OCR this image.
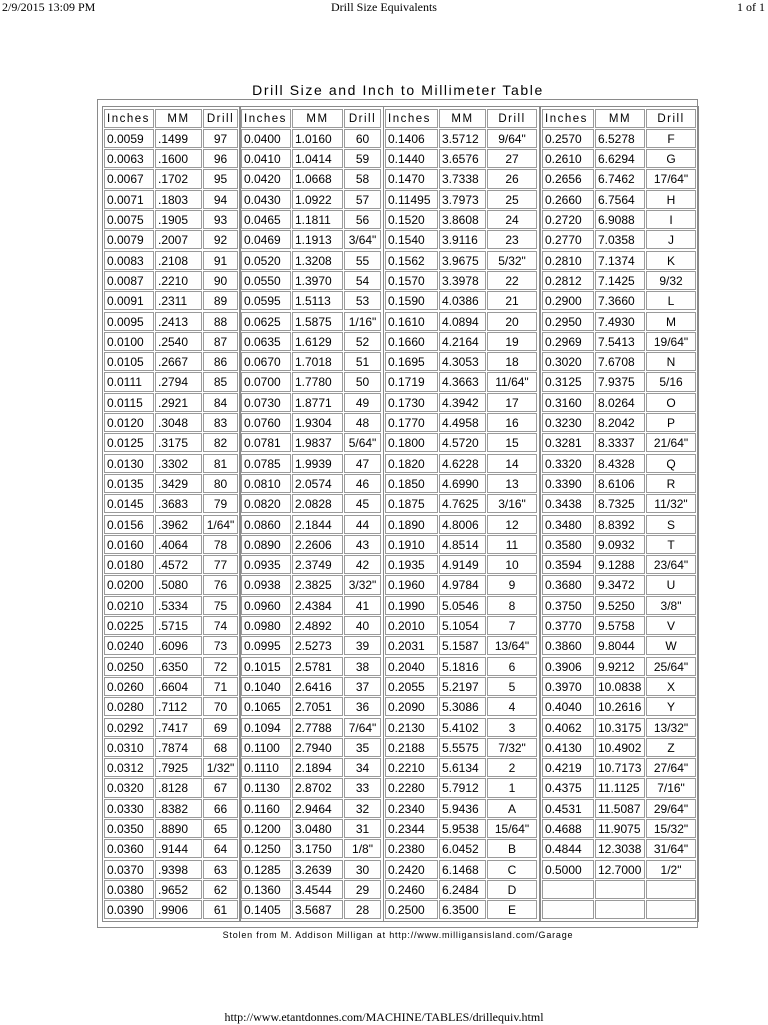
2/9/2015 13:09 PM	Drill Size Equivalents	1 of 1
Drill Size and Inch to Millimeter Table
Inches	MM	Drill
0.0059	.1499	97
0.0063	.1600	96
0.0067	.1702	95
0.0071	.1803	94
0.0075	.1905	93
0.0079	.2007	92
0.0083	.2108	91
0.0087	.2210	90
0.0091	.2311	89
0.0095	.2413	88
0.0100	.2540	87
0.0105	.2667	86
0.0111	.2794	85
0.0115	.2921	84
0.0120	.3048	83
0.0125	.3175	82
0.0130	.3302	81
0.0135	.3429	80
0.0145	.3683	79
0.0156	.3962	1/64"
0.0160	.4064	78
0.0180	.4572	77
0.0200	.5080	76
0.0210	.5334	75
0.0225	.5715	74
0.0240	.6096	73
0.0250	.6350	72
0.0260	.6604	71
0.0280	.7112	70
0.0292	.7417	69
0.0310	.7874	68
0.0312	.7925	1/32"
0.0320	.8128	67
0.0330	.8382	66
0.0350	.8890	65
0.0360	.9144	64
0.0370	.9398	63
0.0380	.9652	62
0.0390	.9906	61
Inches	MM	Drill
0.0400	1.0160	60
0.0410	1.0414	59
0.0420	1.0668	58
0.0430	1.0922	57
0.0465	1.1811	56
0.0469	1.1913	3/64"
0.0520	1.3208	55
0.0550	1.3970	54
0.0595	1.5113	53
0.0625	1.5875	1/16"
0.0635	1.6129	52
0.0670	1.7018	51
0.0700	1.7780	50
0.0730	1.8771	49
0.0760	1.9304	48
0.0781	1.9837	5/64"
0.0785	1.9939	47
0.0810	2.0574	46
0.0820	2.0828	45
0.0860	2.1844	44
0.0890	2.2606	43
0.0935	2.3749	42
0.0938	2.3825	3/32"
0.0960	2.4384	41
0.0980	2.4892	40
0.0995	2.5273	39
0.1015	2.5781	38
0.1040	2.6416	37
0.1065	2.7051	36
0.1094	2.7788	7/64"
0.1100	2.7940	35
0.1110	2.1894	34
0.1130	2.8702	33
0.1160	2.9464	32
0.1200	3.0480	31
0.1250	3.1750	1/8"
0.1285	3.2639	30
0.1360	3.4544	29
0.1405	3.5687	28
Inches	MM	Drill
0.1406	3.5712	9/64"
0.1440	3.6576	27
0.1470	3.7338	26
0.11495 3.7973	25
0.1520	3.8608	24
0.1540	3.9116	23
0.1562	3.9675	5/32"
0.1570	3.3978	22
0.1590	4.0386	21
0.1610	4.0894	20
0.1660	4.2164	19
0.1695	4.3053	18
0.1719	4.3663	11/64"
0.1730	4.3942	17
0.1770	4.4958	16
0.1800	4.5720	15
0.1820	4.6228	14
0.1850	4.6990	13
0.1875	4.7625	3/16"
0.1890	4.8006	12
0.1910	4.8514	11
0.1935	4.9149	10
0.1960	4.9784	9
0.1990	5.0546	8
0.2010	5.1054	7
0.2031	5.1587	13/64"
0.2040	5.1816	6
0.2055	5.2197	5
0.2090	5.3086	4
0.2130	5.4102	3
0.2188	5.5575	7/32"
0.2210	5.6134	2
0.2280	5.7912	1
0.2340	5.9436	A
0.2344	5.9538	15/64"
0.2380	6.0452	B
0.2420	6.1468	C
0.2460	6.2484	D
0.2500	6.3500	E
Inches	MM	Drill
0.2570	6.5278	F
0.2610	6.6294	G
0.2656	6.7462	17/64"
0.2660	6.7564	H
0.2720	6.9088	I
0.2770	7.0358	J
0.2810	7.1374	K
0.2812	7.1425	9/32
0.2900	7.3660	L
0.2950	7.4930	M
0.2969	7.5413	19/64"
0.3020	7.6708	N
0.3125	7.9375	5/16
0.3160	8.0264	O
0.3230	8.2042	P
0.3281	8.3337	21/64"
0.3320	8.4328	Q
0.3390	8.6106	R
0.3438	8.7325	11/32"
0.3480	8.8392	S
0.3580	9.0932	T
0.3594	9.1288	23/64"
0.3680	9.3472	U
0.3750	9.5250	3/8"
0.3770	9.5758	V
0.3860	9.8044	W
0.3906	9.9212	25/64"
0.3970	10.0838	X
0.4040	10.2616	Y
0.4062	10.3175	13/32"
0.4130	10.4902	Z
0.4219	10.7173	27/64"
0.4375	11.1125	7/16"
0.4531	11.5087	29/64"
0.4688	11.9075	15/32"
0.4844	12.3038	31/64"
0.5000	12.7000	1/2"
Stolen from M. Addison Milligan at http://www.milligansisland.com/Garage
http://www.etantdonnes.com/MACHINE/TABLES/drillequiv.html
